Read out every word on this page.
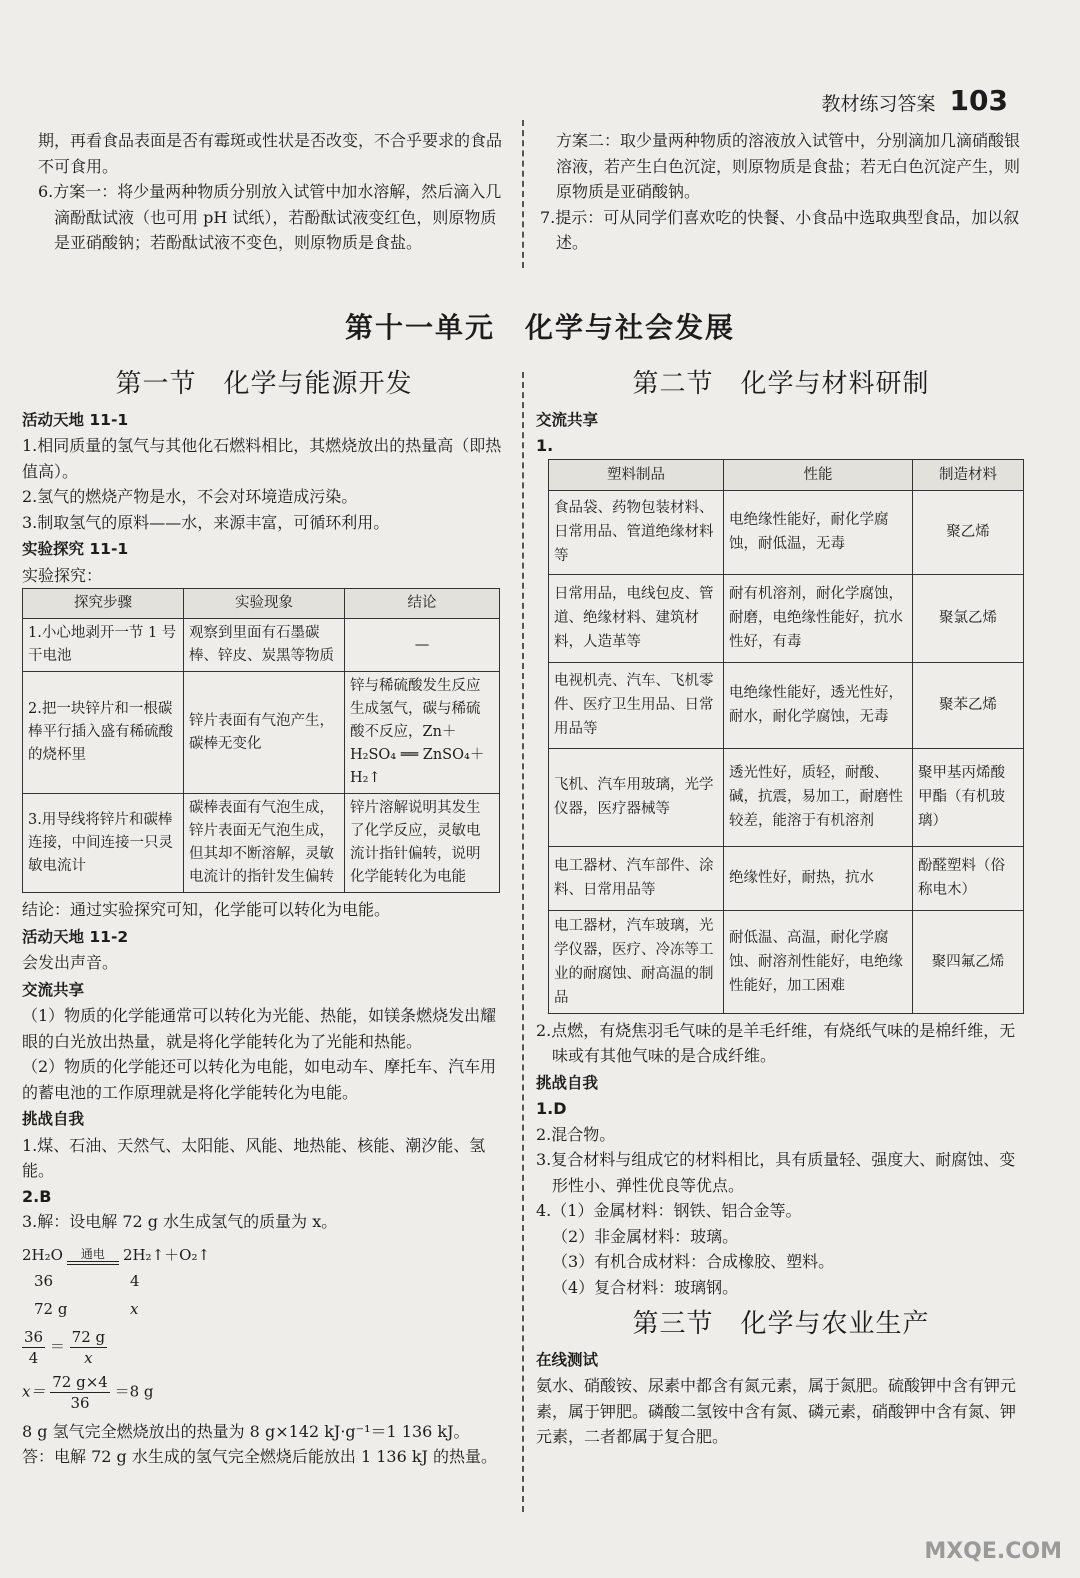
教材练习答案 103

期，再看食品表面是否有霉斑或性状是否改变，不合乎要求的食品不可食用。

6.方案一：将少量两种物质分别放入试管中加水溶解，然后滴入几滴酚酞试液（也可用 pH 试纸），若酚酞试液变红色，则原物质是亚硝酸钠；若酚酞试液不变色，则原物质是食盐。

方案二：取少量两种物质的溶液放入试管中，分别滴加几滴硝酸银溶液，若产生白色沉淀，则原物质是食盐；若无白色沉淀产生，则原物质是亚硝酸钠。

7.提示：可从同学们喜欢吃的快餐、小食品中选取典型食品，加以叙述。

第十一单元　化学与社会发展
第一节　化学与能源开发
活动天地 11-1

1.相同质量的氢气与其他化石燃料相比，其燃烧放出的热量高（即热值高）。

2.氢气的燃烧产物是水，不会对环境造成污染。

3.制取氢气的原料——水，来源丰富，可循环利用。

实验探究 11-1

实验探究：

探究步骤	实验现象	结论
1.小心地剥开一节 1 号干电池	观察到里面有石墨碳棒、锌皮、炭黑等物质	—
2.把一块锌片和一根碳棒平行插入盛有稀硫酸的烧杯里	锌片表面有气泡产生，碳棒无变化	锌与稀硫酸发生反应生成氢气，碳与稀硫酸不反应，Zn＋H₂SO₄ ══ ZnSO₄＋H₂↑
3.用导线将锌片和碳棒连接，中间连接一只灵敏电流计	碳棒表面有气泡生成，锌片表面无气泡生成，但其却不断溶解，灵敏电流计的指针发生偏转	锌片溶解说明其发生了化学反应，灵敏电流计指针偏转，说明化学能转化为电能

结论：通过实验探究可知，化学能可以转化为电能。

活动天地 11-2

会发出声音。

交流共享

（1）物质的化学能通常可以转化为光能、热能，如镁条燃烧发出耀眼的白光放出热量，就是将化学能转化为了光能和热能。

（2）物质的化学能还可以转化为电能，如电动车、摩托车、汽车用的蓄电池的工作原理就是将化学能转化为电能。

挑战自我

1.煤、石油、天然气、太阳能、风能、地热能、核能、潮汐能、氢能。

2.B

3.解：设电解 72 g 水生成氢气的质量为 x。

2H₂O	通电	2H₂↑＋O₂↑
36	4
72 g	x
$\frac{36}{4} = \frac{72 g}{x}$
$x= \frac{72 g\times 4}{36} =8$ g

8 g 氢气完全燃烧放出的热量为 8 g×142 kJ·g⁻¹＝1 136 kJ。

答：电解 72 g 水生成的氢气完全燃烧后能放出 1 136 kJ 的热量。

第二节　化学与材料研制
交流共享

1.

塑料制品	性能	制造材料
食品袋、药物包装材料、日常用品、管道绝缘材料等	电绝缘性能好，耐化学腐蚀，耐低温，无毒	聚乙烯
日常用品，电线包皮、管道、绝缘材料、建筑材料，人造革等	耐有机溶剂，耐化学腐蚀，耐磨，电绝缘性能好，抗水性好，有毒	聚氯乙烯
电视机壳、汽车、飞机零件、医疗卫生用品、日常用品等	电绝缘性能好，透光性好，耐水，耐化学腐蚀，无毒	聚苯乙烯
飞机、汽车用玻璃，光学仪器，医疗器械等	透光性好，质轻，耐酸、碱，抗震，易加工，耐磨性较差，能溶于有机溶剂	聚甲基丙烯酸甲酯（有机玻璃）
电工器材、汽车部件、涂料、日常用品等	绝缘性好，耐热，抗水	酚醛塑料（俗称电木）
电工器材，汽车玻璃，光学仪器，医疗、冷冻等工业的耐腐蚀、耐高温的制品	耐低温、高温，耐化学腐蚀、耐溶剂性能好，电绝缘性能好，加工困难	聚四氟乙烯

2.点燃，有烧焦羽毛气味的是羊毛纤维，有烧纸气味的是棉纤维，无味或有其他气味的是合成纤维。

挑战自我

1.D

2.混合物。

3.复合材料与组成它的材料相比，具有质量轻、强度大、耐腐蚀、变形性小、弹性优良等优点。

4.（1）金属材料：钢铁、铝合金等。

（2）非金属材料：玻璃。

（3）有机合成材料：合成橡胶、塑料。

（4）复合材料：玻璃钢。

第三节　化学与农业生产
在线测试

氨水、硝酸铵、尿素中都含有氮元素，属于氮肥。硫酸钾中含有钾元素，属于钾肥。磷酸二氢铵中含有氮、磷元素，硝酸钾中含有氮、钾元素，二者都属于复合肥。

MXQE.COM
